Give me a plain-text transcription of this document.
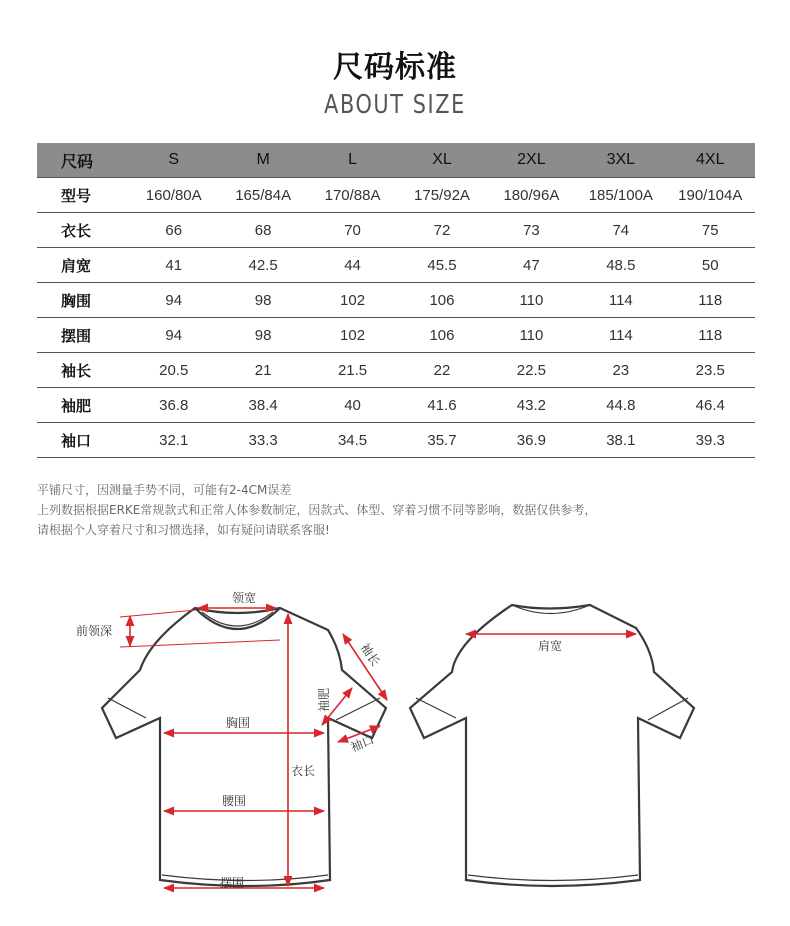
尺码标准
ABOUT SIZE
尺码	S	M	L	XL	2XL	3XL	4XL
型号	160/80A	165/84A	170/88A	175/92A	180/96A	185/100A	190/104A
衣长	66	68	70	72	73	74	75
肩宽	41	42.5	44	45.5	47	48.5	50
胸围	94	98	102	106	110	114	118
摆围	94	98	102	106	110	114	118
袖长	20.5	21	21.5	22	22.5	23	23.5
袖肥	36.8	38.4	40	41.6	43.2	44.8	46.4
袖口	32.1	33.3	34.5	35.7	36.9	38.1	39.3
平铺尺寸，因测量手势不同，可能有2-4CM误差
上列数据根据ERKE常规款式和正常人体参数制定，因款式、体型、穿着习惯不同等影响，数据仅供参考，
请根据个人穿着尺寸和习惯选择，如有疑问请联系客服!
领宽
前领深
袖长
袖肥
胸围
袖口
衣长
腰围
摆围
肩宽
